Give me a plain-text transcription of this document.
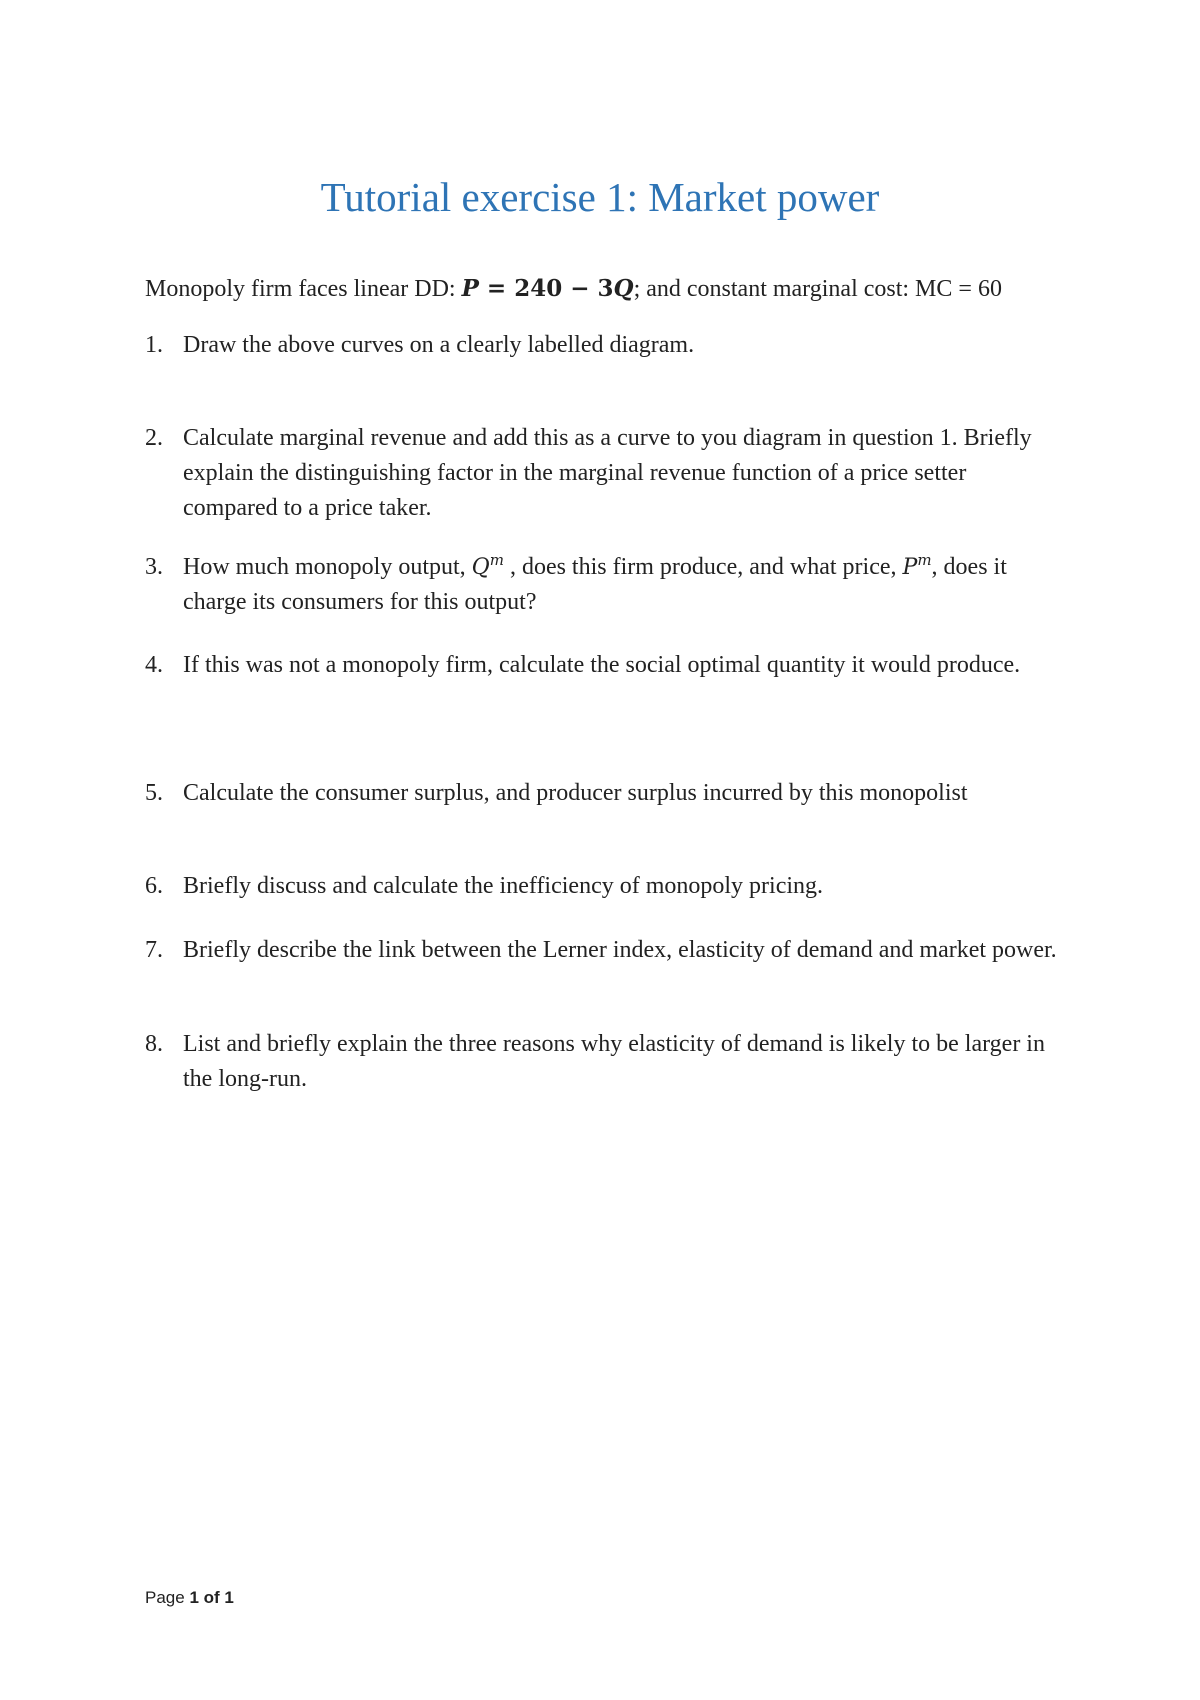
Tutorial exercise 1: Market power

Monopoly firm faces linear DD: P = 240 − 3Q; and constant marginal cost: MC = 60

1. Draw the above curves on a clearly labelled diagram.
2. Calculate marginal revenue and add this as a curve to you diagram in question 1. Briefly explain the distinguishing factor in the marginal revenue function of a price setter compared to a price taker.
3. How much monopoly output, $Q^m$ , does this firm produce, and what price, $P^m$, does it charge its consumers for this output?
4. If this was not a monopoly firm, calculate the social optimal quantity it would produce.
5. Calculate the consumer surplus, and producer surplus incurred by this monopolist
6. Briefly discuss and calculate the inefficiency of monopoly pricing.
7. Briefly describe the link between the Lerner index, elasticity of demand and market power.
8. List and briefly explain the three reasons why elasticity of demand is likely to be larger in the long-run.
Page 1 of 1
